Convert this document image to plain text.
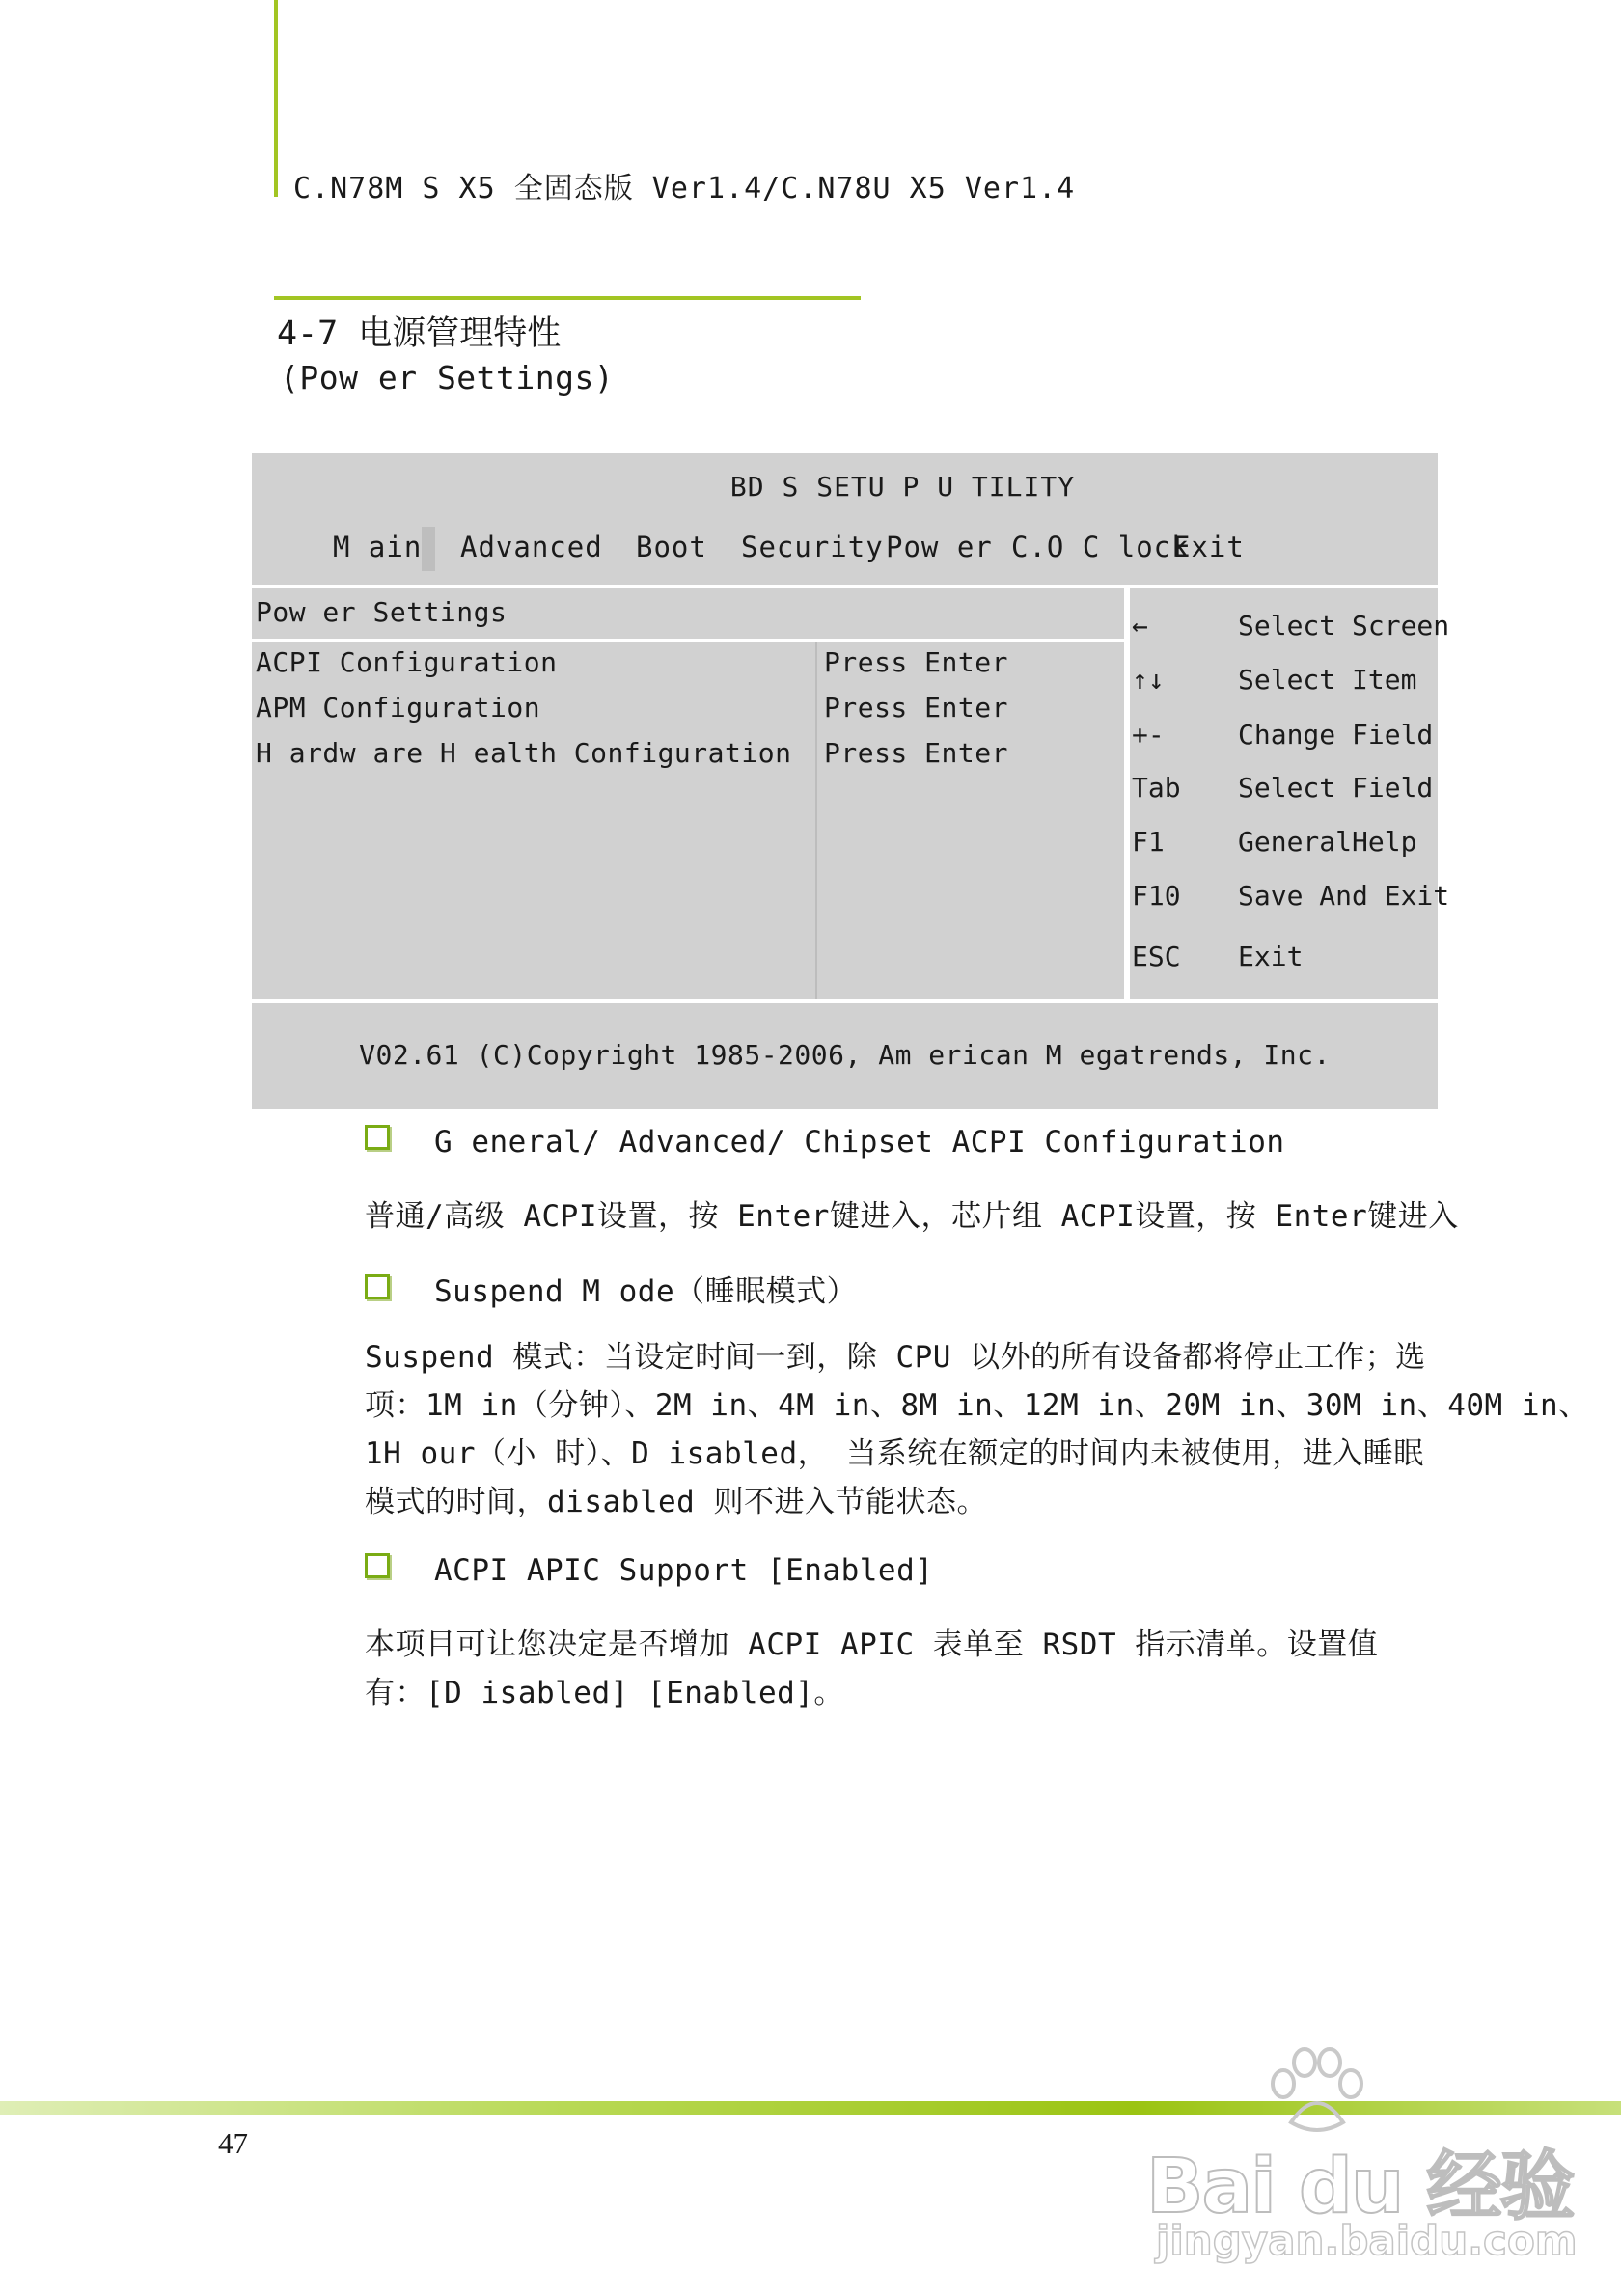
C.N78M S X5 全固态版 Ver1.4/C.N78U X5 Ver1.4
4-7 电源管理特性
(Pow er Settings)
BD S SETU P U TILITY
M ain Advanced Boot Security Pow er C.O C lock
Exit
Pow er Settings
ACPI Configuration	Press Enter
APM Configuration	Press Enter
H ardw are H ealth Configuration Press Enter
←	Select Screen
↑↓	Select Item
+-	Change Field
Tab Select Field
F1	GeneralHelp
F10 Save And Exit
ESC Exit
V02.61 (C)Copyright 1985-2006, Am erican M egatrends, Inc.
G eneral/ Advanced/ Chipset ACPI Configuration
普通/高级 ACPI设置，按 Enter键进入，芯片组 ACPI设置，按 Enter键进入
Suspend M ode（睡眠模式）
Suspend 模式：当设定时间一到，除 CPU 以外的所有设备都将停止工作；选
项：1M in（分钟）、2M in、4M in、8M in、12M in、20M in、30M in、40M in、
1H our（小 时）、D isabled， 当系统在额定的时间内未被使用，进入睡眠
模式的时间，disabled 则不进入节能状态。
ACPI APIC Support [Enabled]
本项目可让您决定是否增加 ACPI APIC 表单至 RSDT 指示清单。设置值
有：[D isabled] [Enabled]。
47
Bai du 经验
jingyan.baidu.com
